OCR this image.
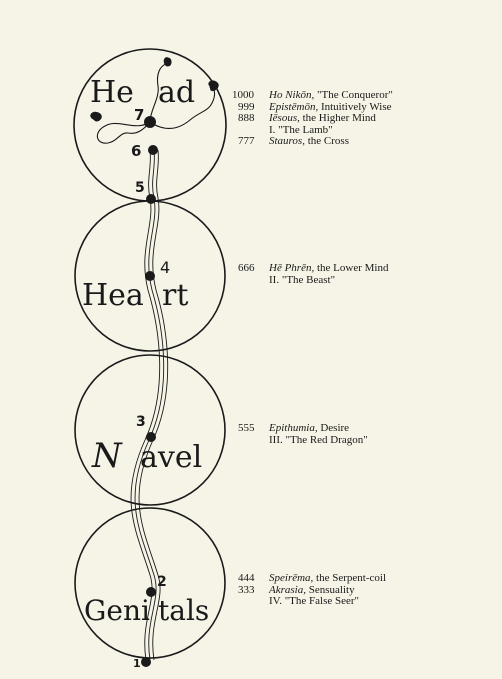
7
6
5
4
3
2
1
He ad
Hea rt
N avel
Geni tals
1000 Ho Nikōn, "The Conqueror"
999 Epistēmōn, Intuitively Wise
888 Iēsous, the Higher Mind
I. "The Lamb"
777 Stauros, the Cross
666 Hē Phrēn, the Lower Mind
II. "The Beast"
555 Epithumia, Desire
III. "The Red Dragon"
444 Speirēma, the Serpent-coil
333 Akrasia, Sensuality
IV. "The False Seer"
